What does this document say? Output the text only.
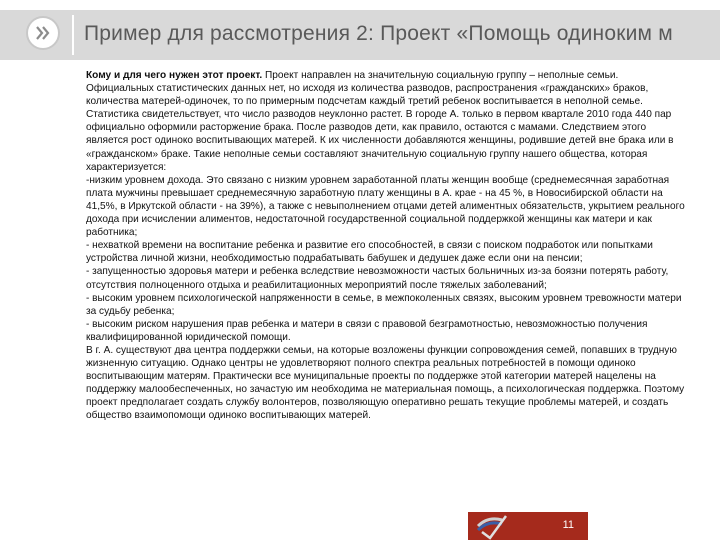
Пример для рассмотрения 2: Проект «Помощь одиноким м

Кому и для чего нужен этот проект. Проект направлен на значительную социальную группу – неполные семьи. Официальных статистических данных нет, но исходя из количества разводов, распространения «гражданских» браков, количества матерей-одиночек, то по примерным подсчетам каждый третий ребенок воспитывается в неполной семье. Статистика свидетельствует, что число разводов неуклонно растет. В городе А. только в первом квартале 2010 года 440 пар официально оформили расторжение брака. После разводов дети, как правило, остаются с мамами. Следствием этого является рост одиноко воспитывающих матерей. К их численности добавляются женщины, родившие детей вне брака или в «гражданском» браке. Такие неполные семьи составляют значительную социальную группу нашего общества, которая характеризуется:

-низким уровнем дохода. Это связано с низким уровнем заработанной платы женщин вообще (среднемесячная заработная плата мужчины превышает среднемесячную заработную плату женщины в А. крае - на 45 %, в Новосибирской области на 41,5%, в Иркутской области - на 39%), а также с невыполнением отцами детей алиментных обязательств, укрытием реального дохода при исчислении алиментов, недостаточной государственной социальной поддержкой женщины как матери и как работника;

- нехваткой времени на воспитание ребенка и развитие его способностей, в связи с поиском подработок или попытками устройства личной жизни, необходимостью подрабатывать бабушек и дедушек даже если они на пенсии;

- запущенностью здоровья матери и ребенка вследствие невозможности частых больничных из-за боязни потерять работу, отсутствия полноценного отдыха и реабилитационных мероприятий после тяжелых заболеваний;

- высоким уровнем психологической напряженности в семье, в межпоколенных связях, высоким уровнем тревожности матери за судьбу ребенка;

- высоким риском нарушения прав ребенка и матери в связи с правовой безграмотностью, невозможностью получения квалифицированной юридической помощи.

В г. А. существуют два центра поддержки семьи, на которые возложены функции сопровождения семей, попавших в трудную жизненную ситуацию. Однако центры не удовлетворяют полного спектра реальных потребностей в помощи одиноко воспитывающим матерям. Практически все муниципальные проекты по поддержке этой категории матерей нацелены на поддержку малообеспеченных, но зачастую им необходима не материальная помощь, а психологическая поддержка. Поэтому проект предполагает создать службу волонтеров, позволяющую оперативно решать текущие проблемы матерей, и создать общество взаимопомощи одиноко воспитывающих матерей.

11
